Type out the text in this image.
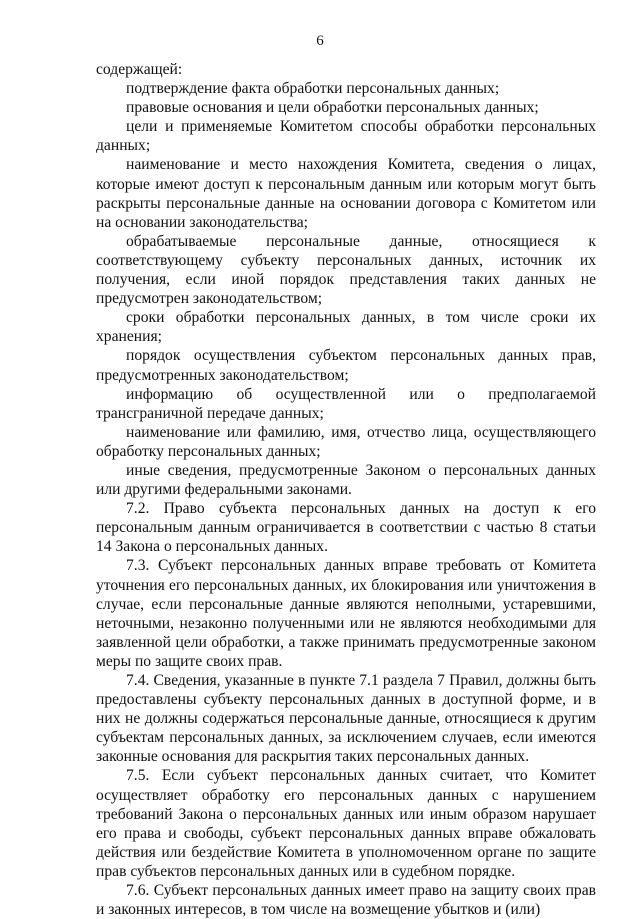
6

содержащей:

подтверждение факта обработки персональных данных;

правовые основания и цели обработки персональных данных;

цели и применяемые Комитетом способы обработки персональных данных;

наименование и место нахождения Комитета, сведения о лицах, которые имеют доступ к персональным данным или которым могут быть раскрыты персональные данные на основании договора с Комитетом или на основании законодательства;

обрабатываемые персональные данные, относящиеся к соответствующему субъекту персональных данных, источник их получения, если иной порядок представления таких данных не предусмотрен законодательством;

сроки обработки персональных данных, в том числе сроки их хранения;

порядок осуществления субъектом персональных данных прав, предусмотренных законодательством;

информацию об осуществленной или о предполагаемой трансграничной передаче данных;

наименование или фамилию, имя, отчество лица, осуществляющего обработку персональных данных;

иные сведения, предусмотренные Законом о персональных данных или другими федеральными законами.

7.2. Право субъекта персональных данных на доступ к его персональным данным ограничивается в соответствии с частью 8 статьи 14 Закона о персональных данных.

7.3. Субъект персональных данных вправе требовать от Комитета уточнения его персональных данных, их блокирования или уничтожения в случае, если персональные данные являются неполными, устаревшими, неточными, незаконно полученными или не являются необходимыми для заявленной цели обработки, а также принимать предусмотренные законом меры по защите своих прав.

7.4. Сведения, указанные в пункте 7.1 раздела 7 Правил, должны быть предоставлены субъекту персональных данных в доступной форме, и в них не должны содержаться персональные данные, относящиеся к другим субъектам персональных данных, за исключением случаев, если имеются законные основания для раскрытия таких персональных данных.

7.5. Если субъект персональных данных считает, что Комитет осуществляет обработку его персональных данных с нарушением требований Закона о персональных данных или иным образом нарушает его права и свободы, субъект персональных данных вправе обжаловать действия или бездействие Комитета в уполномоченном органе по защите прав субъектов персональных данных или в судебном порядке.

7.6. Субъект персональных данных имеет право на защиту своих прав и законных интересов, в том числе на возмещение убытков и (или)
